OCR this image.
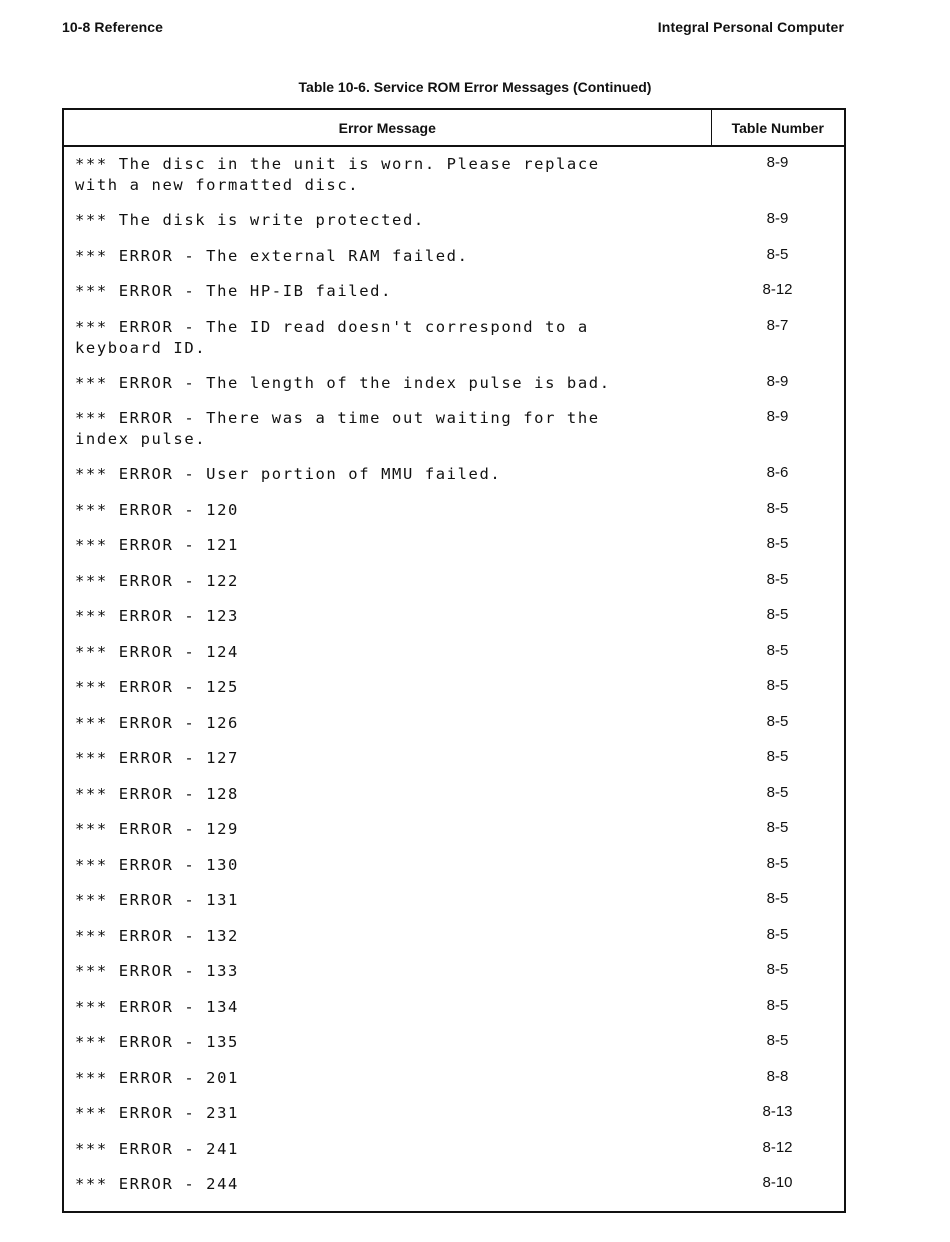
10-8 Reference	Integral Personal Computer
Table 10-6. Service ROM Error Messages (Continued)
Error Message	Table Number
*** The disc in the unit is worn. Please replace
with a new formatted disc.	8-9
*** The disk is write protected.	8-9
*** ERROR - The external RAM failed.	8-5
*** ERROR - The HP-IB failed.	8-12
*** ERROR - The ID read doesn't correspond to a
keyboard ID.	8-7
*** ERROR - The length of the index pulse is bad.	8-9
*** ERROR - There was a time out waiting for the
index pulse.	8-9
*** ERROR - User portion of MMU failed.	8-6
*** ERROR - 120	8-5
*** ERROR - 121	8-5
*** ERROR - 122	8-5
*** ERROR - 123	8-5
*** ERROR - 124	8-5
*** ERROR - 125	8-5
*** ERROR - 126	8-5
*** ERROR - 127	8-5
*** ERROR - 128	8-5
*** ERROR - 129	8-5
*** ERROR - 130	8-5
*** ERROR - 131	8-5
*** ERROR - 132	8-5
*** ERROR - 133	8-5
*** ERROR - 134	8-5
*** ERROR - 135	8-5
*** ERROR - 201	8-8
*** ERROR - 231	8-13
*** ERROR - 241	8-12
*** ERROR - 244	8-10
